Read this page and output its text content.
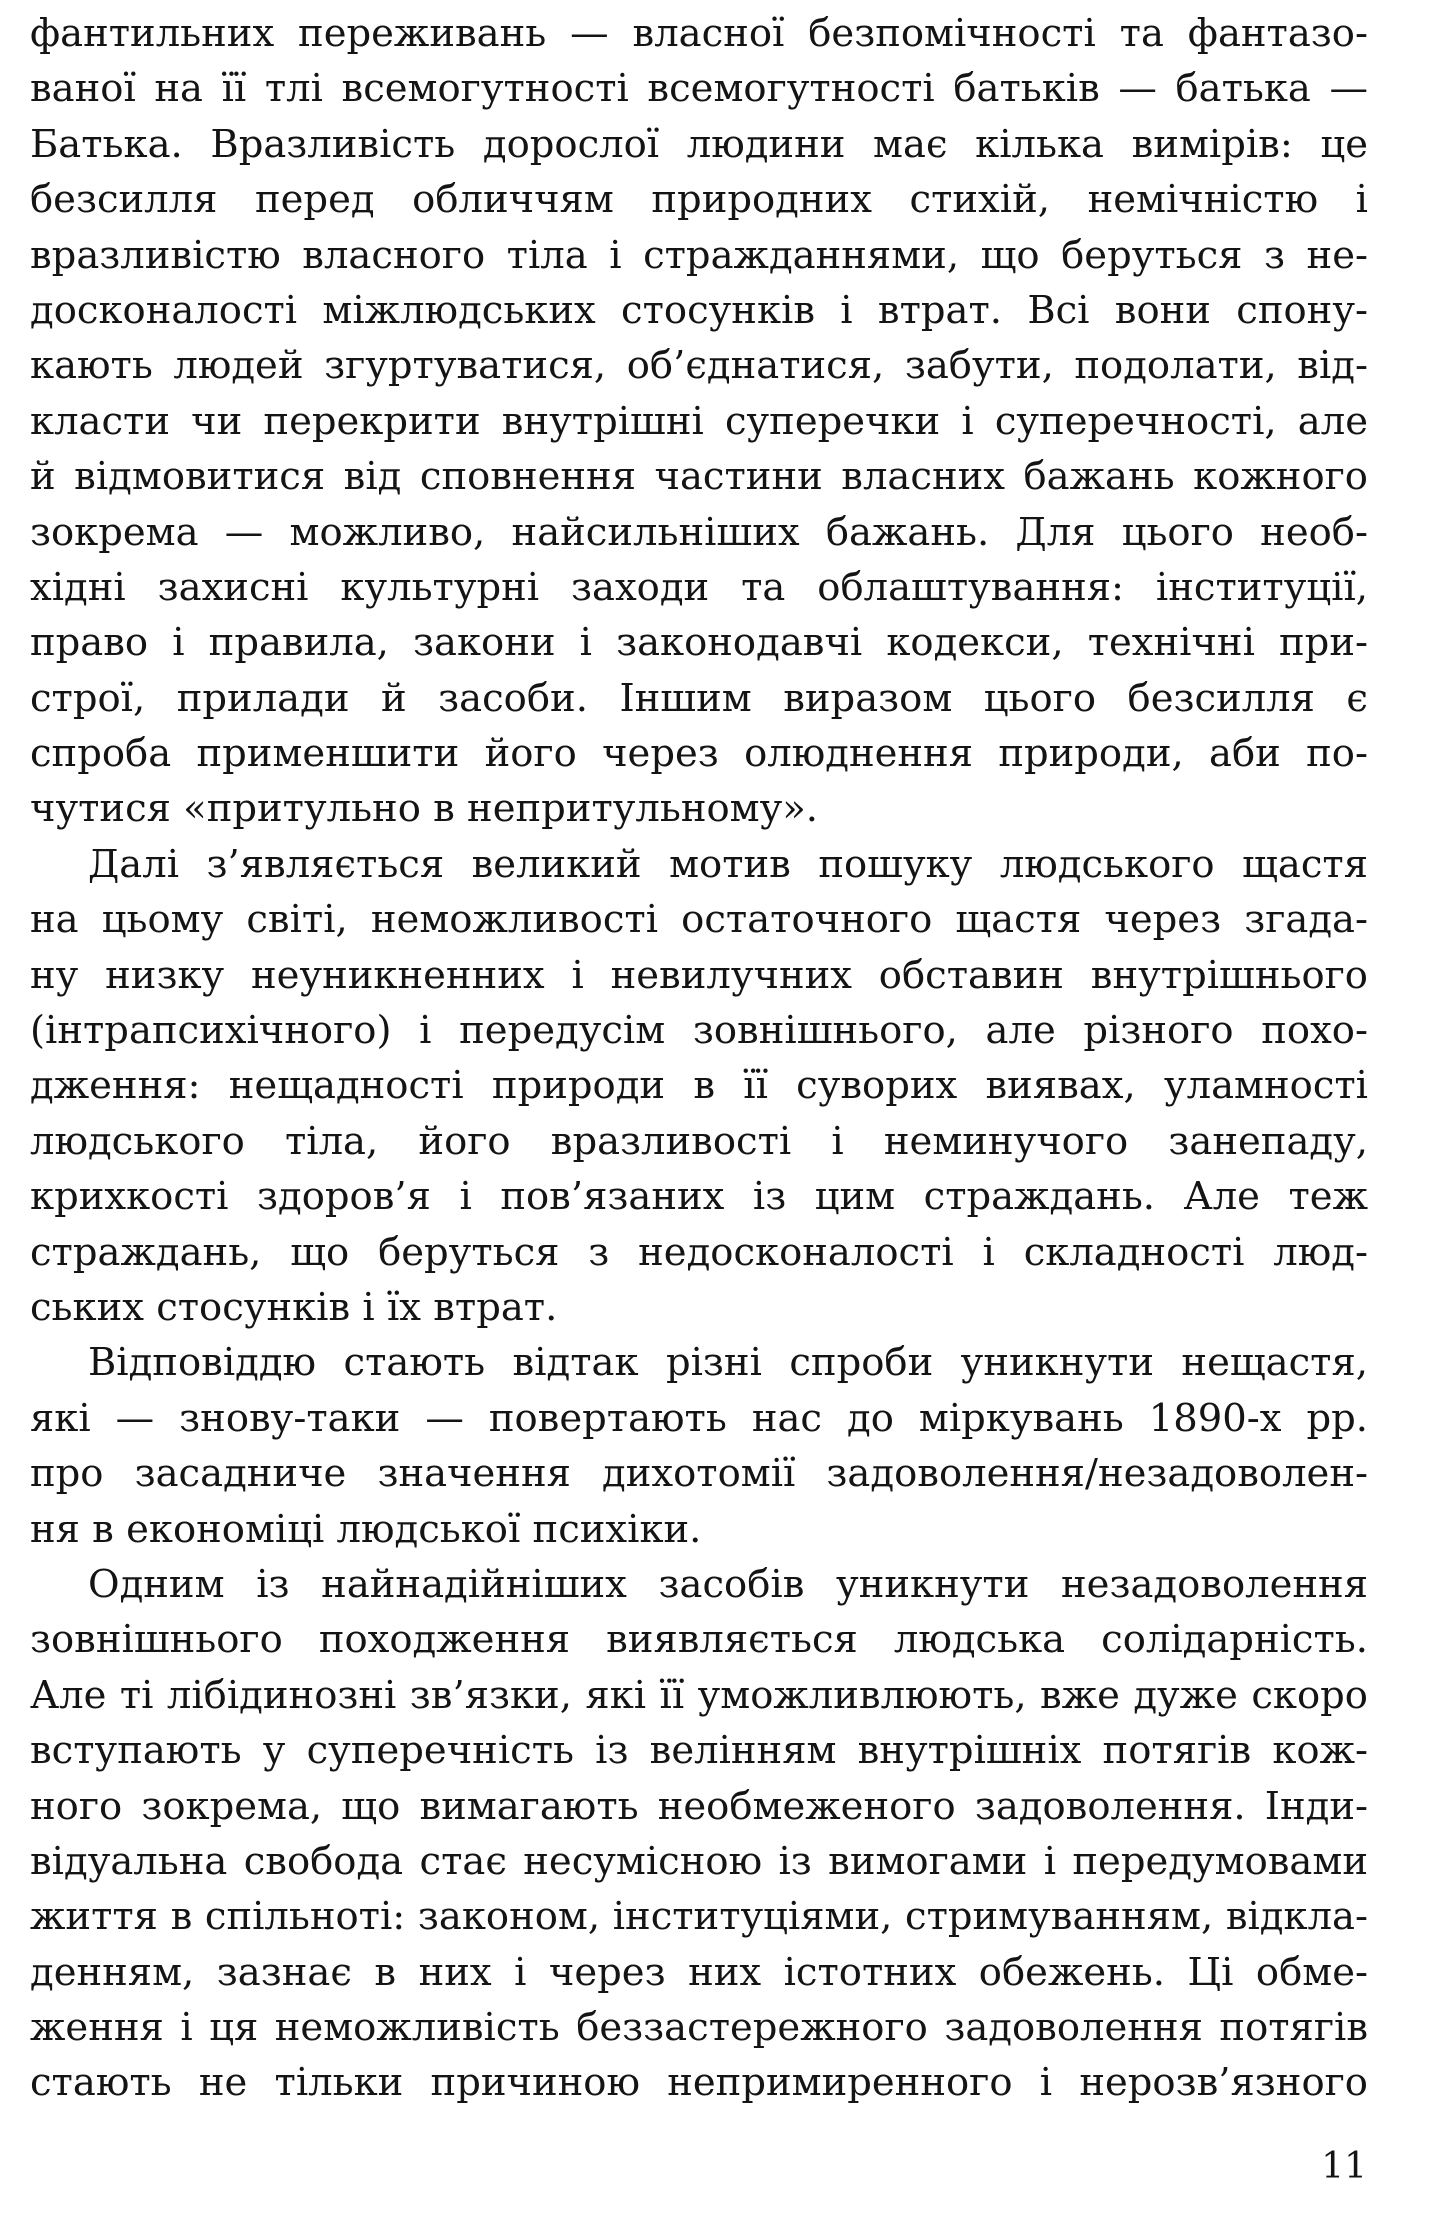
фантильних переживань — власної безпомічності та фантазо-
ваної на її тлі всемогутності всемогутності батьків — батька —
Батька. Вразливість дорослої людини має кілька вимірів: це
безсилля перед обличчям природних стихій, немічністю і
вразливістю власного тіла і стражданнями, що беруться з не-
досконалості міжлюдських стосунків і втрат. Всі вони спону-
кають людей згуртуватися, об’єднатися, забути, подолати, від-
класти чи перекрити внутрішні суперечки і суперечності, але
й відмовитися від сповнення частини власних бажань кожного
зокрема — можливо, найсильніших бажань. Для цього необ-
хідні захисні культурні заходи та облаштування: інституції,
право і правила, закони і законодавчі кодекси, технічні при-
строї, прилади й засоби. Іншим виразом цього безсилля є
спроба применшити його через олюднення природи, аби по-
чутися «притульно в непритульному».
Далі з’являється великий мотив пошуку людського щастя
на цьому світі, неможливості остаточного щастя через згада-
ну низку неуникненних і невилучних обставин внутрішнього
(інтрапсихічного) і передусім зовнішнього, але різного похо-
дження: нещадності природи в її суворих виявах, уламності
людського тіла, його вразливості і неминучого занепаду,
крихкості здоров’я і пов’язаних із цим страждань. Але теж
страждань, що беруться з недосконалості і складності люд-
ських стосунків і їх втрат.
Відповіддю стають відтак різні спроби уникнути нещастя,
які — знову-таки — повертають нас до міркувань 1890-х рр.
про засадниче значення дихотомії задоволення/незадоволен-
ня в економіці людської психіки.
Одним із найнадійніших засобів уникнути незадоволення
зовнішнього походження виявляється людська солідарність.
Але ті лібідинозні зв’язки, які її уможливлюють, вже дуже скоро
вступають у суперечність із велінням внутрішніх потягів кож-
ного зокрема, що вимагають необмеженого задоволення. Інди-
відуальна свобода стає несумісною із вимогами і передумовами
життя в спільноті: законом, інституціями, стримуванням, відкла-
денням, зазнає в них і через них істотних обежень. Ці обме-
ження і ця неможливість беззастережного задоволення потягів
стають не тільки причиною непримиренного і нерозв’язного
11
